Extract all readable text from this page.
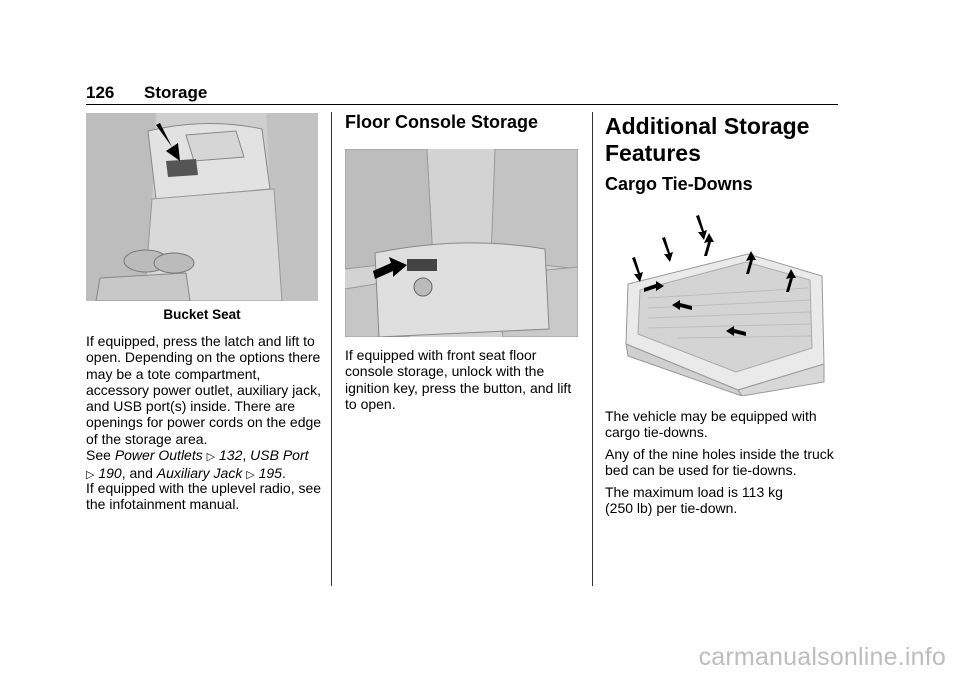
126 Storage
Bucket Seat

If equipped, press the latch and lift to open. Depending on the options there may be a tote compartment, accessory power outlet, auxiliary jack, and USB port(s) inside. There are openings for power cords on the edge of the storage area.

See Power Outlets ▷ 132, USB Port
▷ 190, and Auxiliary Jack ▷ 195.

If equipped with the uplevel radio, see the infotainment manual.

Floor Console Storage

If equipped with front seat floor console storage, unlock with the ignition key, press the button, and lift to open.

Additional Storage Features
Cargo Tie-Downs

The vehicle may be equipped with cargo tie-downs.

Any of the nine holes inside the truck bed can be used for tie-downs.

The maximum load is 113 kg (250 lb) per tie-down.

carmanualsonline.info
